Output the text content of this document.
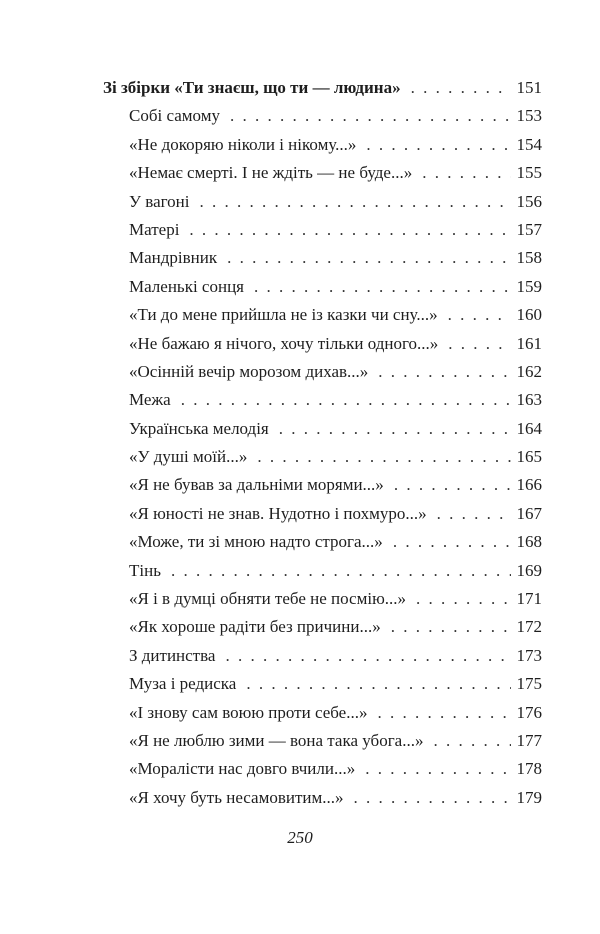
Зі збірки «Ти знаєш, що ти — людина» . . .	151
Собі самому . . .	153
«Не докоряю ніколи і нікому...» . . .	154
«Немає смерті. І не ждіть — не буде...» . . .	155
У вагоні . . .	156
Матері . . .	157
Мандрівник . . .	158
Маленькі сонця . . .	159
«Ти до мене прийшла не із казки чи сну...» . . .	160
«Не бажаю я нічого, хочу тільки одного...» . . .	161
«Осінній вечір морозом дихав...» . . .	162
Межа . . .	163
Українська мелодія . . .	164
«У душі моїй...» . . .	165
«Я не бував за дальніми морями...» . . .	166
«Я юності не знав. Нудотно і похмуро...» . . .	167
«Може, ти зі мною надто строга...» . . .	168
Тінь . . .	169
«Я і в думці обняти тебе не посмію...» . . .	171
«Як хороше радіти без причини...» . . .	172
З дитинства . . .	173
Муза і редиска . . .	175
«І знову сам воюю проти себе...» . . .	176
«Я не люблю зими — вона така убога...» . . .	177
«Моралісти нас довго вчили...» . . .	178
«Я хочу буть несамовитим...» . . .	179
250
